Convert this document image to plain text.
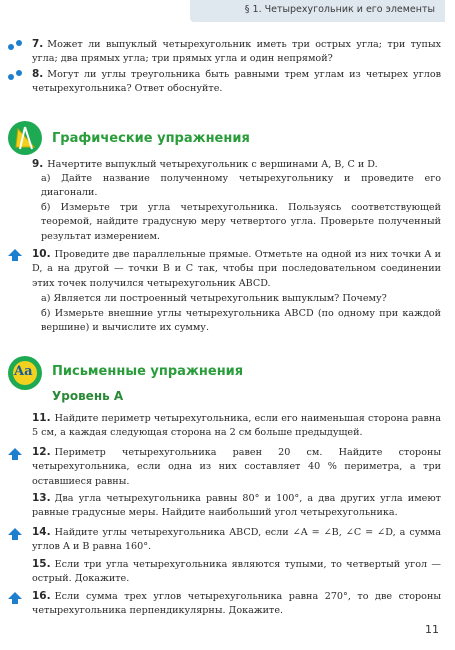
§ 1. Четырехугольник и его элементы

7. Может ли выпуклый четырехугольник иметь три острых угла; три тупых угла; два прямых угла; три прямых угла и один непрямой?

8. Могут ли углы треугольника быть равными трем углам из четырех углов четырехугольника? Ответ обоснуйте.

Графические упражнения

9. Начертите выпуклый четырехугольник с вершинами A, B, C и D.

а) Дайте название полученному четырехугольнику и проведите его диагонали.

б) Измерьте три угла четырехугольника. Пользуясь соответствующей теоремой, найдите градусную меру четвертого угла. Проверьте полученный результат измерением.

10. Проведите две параллельные прямые. Отметьте на одной из них точки A и D, а на другой — точки B и C так, чтобы при последовательном соединении этих точек получился четырехугольник ABCD.

а) Является ли построенный четырехугольник выпуклым? Почему?

б) Измерьте внешние углы четырехугольника ABCD (по одному при каждой вершине) и вычислите их сумму.

Aa Письменные упражнения
Уровень А

11. Найдите периметр четырехугольника, если его наименьшая сторона равна 5 см, а каждая следующая сторона на 2 см больше предыдущей.

12. Периметр четырехугольника равен 20 см. Найдите стороны четырехугольника, если одна из них составляет 40 % периметра, а три оставшиеся равны.

13. Два угла четырехугольника равны 80° и 100°, а два других угла имеют равные градусные меры. Найдите наибольший угол четырехугольника.

14. Найдите углы четырехугольника ABCD, если ∠A = ∠B, ∠C = ∠D, а сумма углов A и B равна 160°.

15. Если три угла четырехугольника являются тупыми, то четвертый угол — острый. Докажите.

16. Если сумма трех углов четырехугольника равна 270°, то две стороны четырехугольника перпендикулярны. Докажите.

11
